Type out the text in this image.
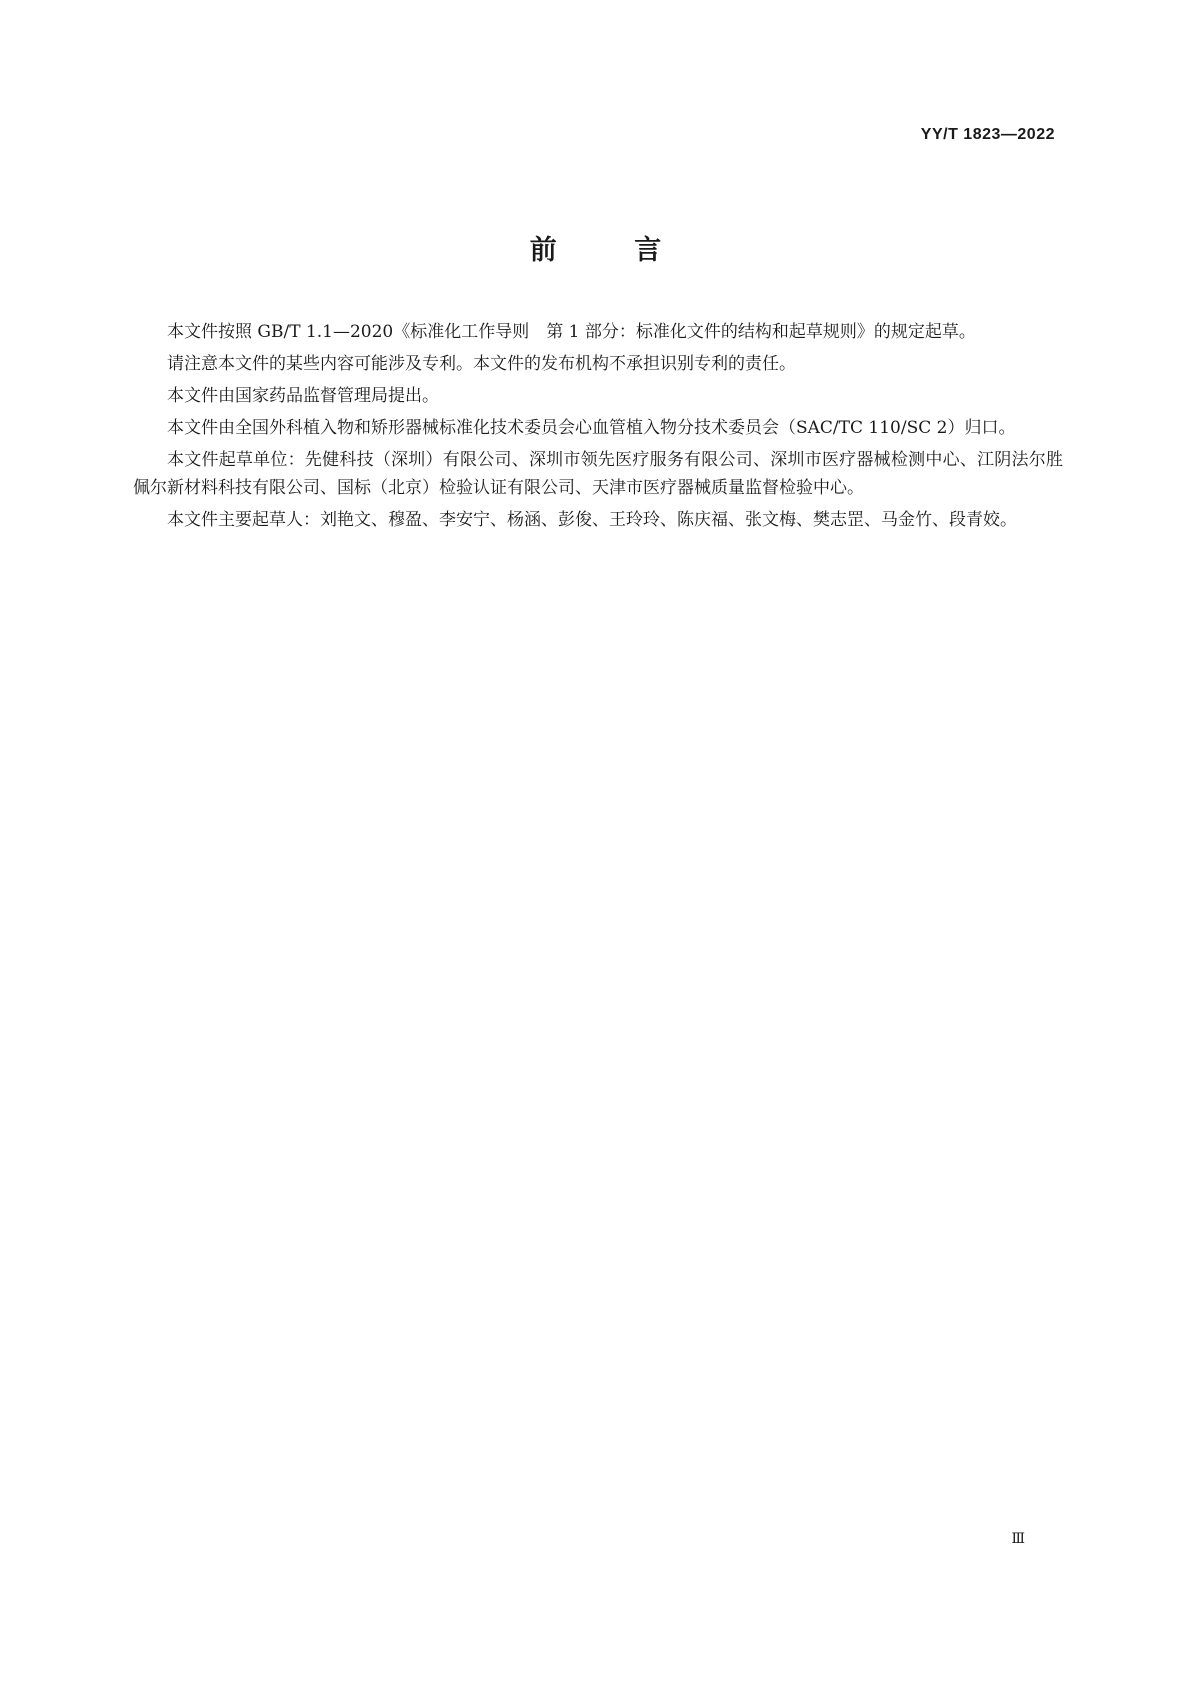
YY/T 1823—2022
前 言

本文件按照 GB/T 1.1—2020《标准化工作导则　第 1 部分：标准化文件的结构和起草规则》的规定起草。

请注意本文件的某些内容可能涉及专利。本文件的发布机构不承担识别专利的责任。

本文件由国家药品监督管理局提出。

本文件由全国外科植入物和矫形器械标准化技术委员会心血管植入物分技术委员会（SAC/TC 110/SC 2）归口。

本文件起草单位：先健科技（深圳）有限公司、深圳市领先医疗服务有限公司、深圳市医疗器械检测中心、江阴法尔胜佩尔新材料科技有限公司、国标（北京）检验认证有限公司、天津市医疗器械质量监督检验中心。

本文件主要起草人：刘艳文、穆盈、李安宁、杨涵、彭俊、王玲玲、陈庆福、张文梅、樊志罡、马金竹、段青姣。

Ⅲ
